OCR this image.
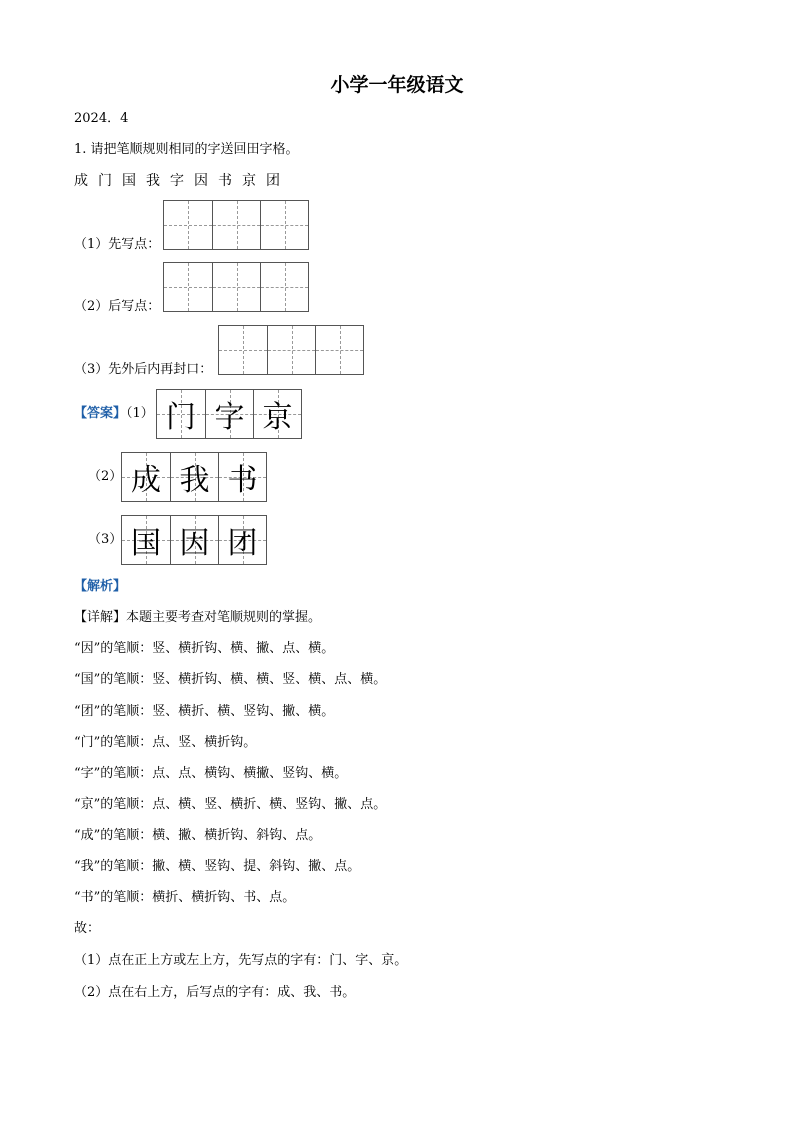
小学一年级语文
2024．4
1. 请把笔顺规则相同的字送回田字格。
成 门 国 我 字 因 书 京 团
（1）先写点：
（2）后写点：
（3）先外后内再封口：
【答案】（1） 门 字 京
（2） 成 我 书
（3） 国 因 团
【解析】
【详解】本题主要考查对笔顺规则的掌握。
“因”的笔顺：竖、横折钩、横、撇、点、横。
“国”的笔顺：竖、横折钩、横、横、竖、横、点、横。
“团”的笔顺：竖、横折、横、竖钩、撇、横。
“门”的笔顺：点、竖、横折钩。
“字”的笔顺：点、点、横钩、横撇、竖钩、横。
“京”的笔顺：点、横、竖、横折、横、竖钩、撇、点。
“成”的笔顺：横、撇、横折钩、斜钩、点。
“我”的笔顺：撇、横、竖钩、提、斜钩、撇、点。
“书”的笔顺：横折、横折钩、书、点。
故：
（1）点在正上方或左上方，先写点的字有：门、字、京。
（2）点在右上方，后写点的字有：成、我、书。
